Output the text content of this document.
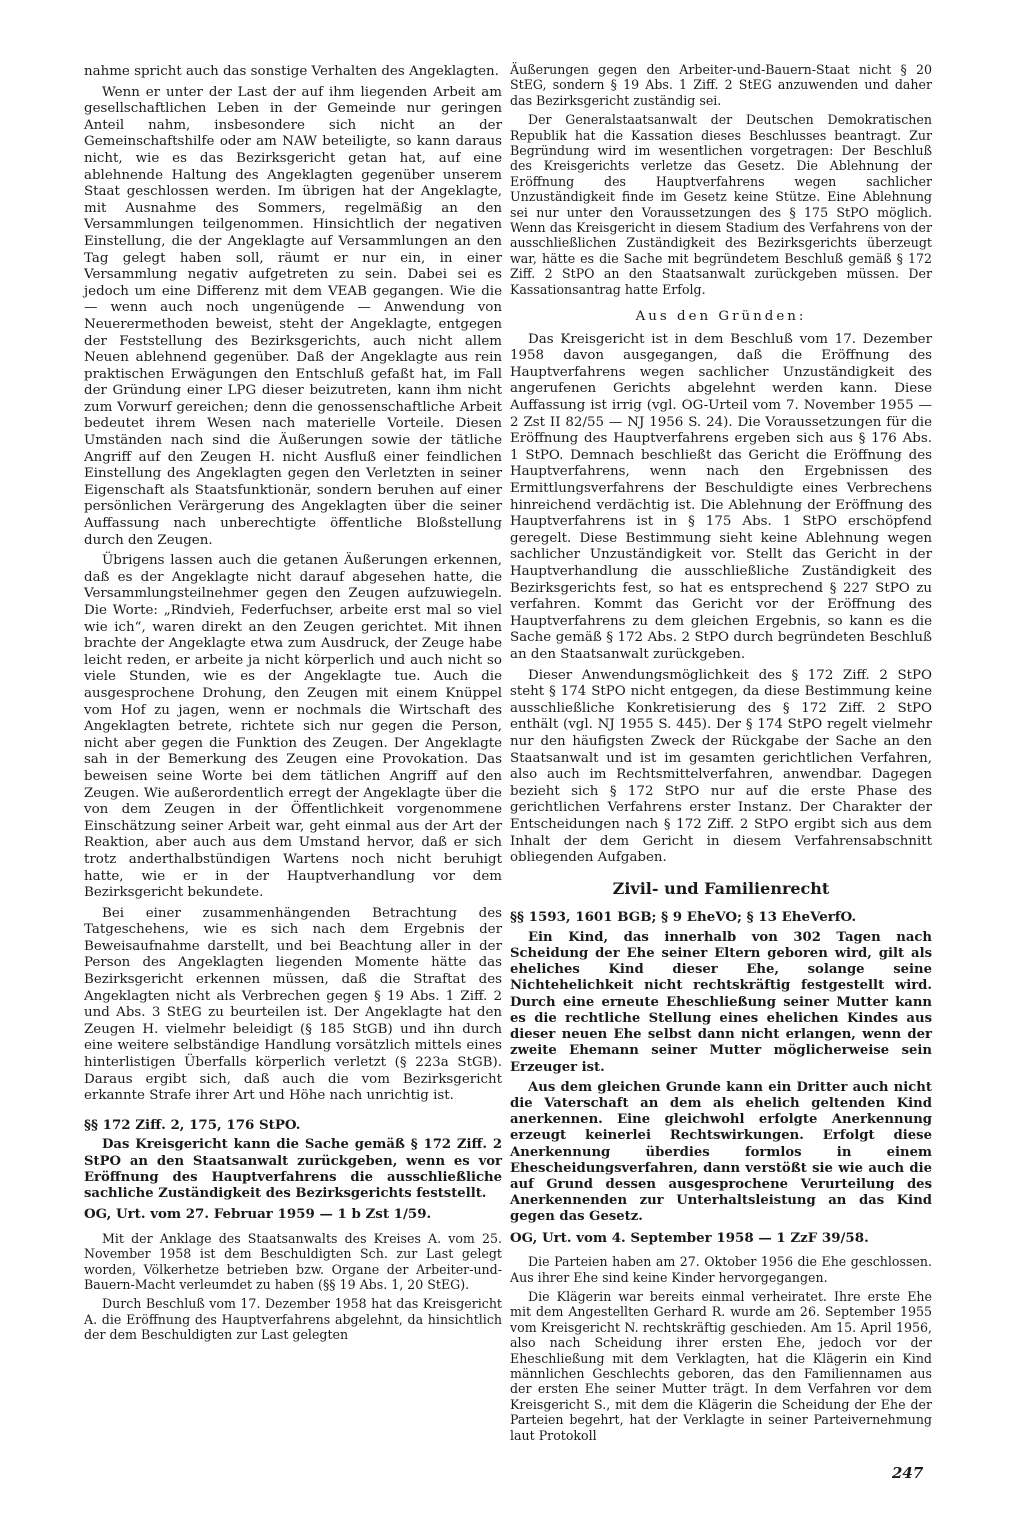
nahme spricht auch das sonstige Verhalten des Angeklagten.

Wenn er unter der Last der auf ihm liegenden Arbeit am gesellschaftlichen Leben in der Gemeinde nur geringen Anteil nahm, insbesondere sich nicht an der Gemeinschaftshilfe oder am NAW beteiligte, so kann daraus nicht, wie es das Bezirksgericht getan hat, auf eine ablehnende Haltung des Angeklagten gegenüber unserem Staat geschlossen werden. Im übrigen hat der Angeklagte, mit Ausnahme des Sommers, regelmäßig an den Versammlungen teilgenommen. Hinsichtlich der negativen Einstellung, die der Angeklagte auf Versammlungen an den Tag gelegt haben soll, räumt er nur ein, in einer Versammlung negativ aufgetreten zu sein. Dabei sei es jedoch um eine Differenz mit dem VEAB gegangen. Wie die — wenn auch noch ungenügende — Anwendung von Neuerermethoden beweist, steht der Angeklagte, entgegen der Feststellung des Bezirksgerichts, auch nicht allem Neuen ablehnend gegenüber. Daß der Angeklagte aus rein praktischen Erwägungen den Entschluß gefaßt hat, im Fall der Gründung einer LPG dieser beizutreten, kann ihm nicht zum Vorwurf gereichen; denn die genossenschaftliche Arbeit bedeutet ihrem Wesen nach materielle Vorteile. Diesen Umständen nach sind die Äußerungen sowie der tätliche Angriff auf den Zeugen H. nicht Ausfluß einer feindlichen Einstellung des Angeklagten gegen den Verletzten in seiner Eigenschaft als Staatsfunktionär, sondern beruhen auf einer persönlichen Verärgerung des Angeklagten über die seiner Auffassung nach unberechtigte öffentliche Bloßstellung durch den Zeugen.

Übrigens lassen auch die getanen Äußerungen erkennen, daß es der Angeklagte nicht darauf abgesehen hatte, die Versammlungsteilnehmer gegen den Zeugen aufzuwiegeln. Die Worte: „Rindvieh, Federfuchser, arbeite erst mal so viel wie ich“, waren direkt an den Zeugen gerichtet. Mit ihnen brachte der Angeklagte etwa zum Ausdruck, der Zeuge habe leicht reden, er arbeite ja nicht körperlich und auch nicht so viele Stunden, wie es der Angeklagte tue. Auch die ausgesprochene Drohung, den Zeugen mit einem Knüppel vom Hof zu jagen, wenn er nochmals die Wirtschaft des Angeklagten betrete, richtete sich nur gegen die Person, nicht aber gegen die Funktion des Zeugen. Der Angeklagte sah in der Bemerkung des Zeugen eine Provokation. Das beweisen seine Worte bei dem tätlichen Angriff auf den Zeugen. Wie außerordentlich erregt der Angeklagte über die von dem Zeugen in der Öffentlichkeit vorgenommene Einschätzung seiner Arbeit war, geht einmal aus der Art der Reaktion, aber auch aus dem Umstand hervor, daß er sich trotz anderthalbstündigen Wartens noch nicht beruhigt hatte, wie er in der Hauptverhandlung vor dem Bezirksgericht bekundete.

Bei einer zusammenhängenden Betrachtung des Tatgeschehens, wie es sich nach dem Ergebnis der Beweisaufnahme darstellt, und bei Beachtung aller in der Person des Angeklagten liegenden Momente hätte das Bezirksgericht erkennen müssen, daß die Straftat des Angeklagten nicht als Verbrechen gegen § 19 Abs. 1 Ziff. 2 und Abs. 3 StEG zu beurteilen ist. Der Angeklagte hat den Zeugen H. vielmehr beleidigt (§ 185 StGB) und ihn durch eine weitere selbständige Handlung vorsätzlich mittels eines hinterlistigen Überfalls körperlich verletzt (§ 223a StGB). Daraus ergibt sich, daß auch die vom Bezirksgericht erkannte Strafe ihrer Art und Höhe nach unrichtig ist.

§§ 172 Ziff. 2, 175, 176 StPO.

Das Kreisgericht kann die Sache gemäß § 172 Ziff. 2 StPO an den Staatsanwalt zurückgeben, wenn es vor Eröffnung des Hauptverfahrens die ausschließliche sachliche Zuständigkeit des Bezirksgerichts feststellt.

OG, Urt. vom 27. Februar 1959 — 1 b Zst 1/59.

Mit der Anklage des Staatsanwalts des Kreises A. vom 25. November 1958 ist dem Beschuldigten Sch. zur Last gelegt worden, Völkerhetze betrieben bzw. Organe der Arbeiter-und-Bauern-Macht verleumdet zu haben (§§ 19 Abs. 1, 20 StEG).

Durch Beschluß vom 17. Dezember 1958 hat das Kreisgericht A. die Eröffnung des Hauptverfahrens abgelehnt, da hinsichtlich der dem Beschuldigten zur Last gelegten

Äußerungen gegen den Arbeiter-und-Bauern-Staat nicht § 20 StEG, sondern § 19 Abs. 1 Ziff. 2 StEG anzuwenden und daher das Bezirksgericht zuständig sei.

Der Generalstaatsanwalt der Deutschen Demokratischen Republik hat die Kassation dieses Beschlusses beantragt. Zur Begründung wird im wesentlichen vorgetragen: Der Beschluß des Kreisgerichts verletze das Gesetz. Die Ablehnung der Eröffnung des Hauptverfahrens wegen sachlicher Unzuständigkeit finde im Gesetz keine Stütze. Eine Ablehnung sei nur unter den Voraussetzungen des § 175 StPO möglich. Wenn das Kreisgericht in diesem Stadium des Verfahrens von der ausschließlichen Zuständigkeit des Bezirksgerichts überzeugt war, hätte es die Sache mit begründetem Beschluß gemäß § 172 Ziff. 2 StPO an den Staatsanwalt zurückgeben müssen. Der Kassationsantrag hatte Erfolg.

Aus den Gründen:

Das Kreisgericht ist in dem Beschluß vom 17. Dezember 1958 davon ausgegangen, daß die Eröffnung des Hauptverfahrens wegen sachlicher Unzuständigkeit des angerufenen Gerichts abgelehnt werden kann. Diese Auffassung ist irrig (vgl. OG-Urteil vom 7. November 1955 — 2 Zst II 82/55 — NJ 1956 S. 24). Die Voraussetzungen für die Eröffnung des Hauptverfahrens ergeben sich aus § 176 Abs. 1 StPO. Demnach beschließt das Gericht die Eröffnung des Hauptverfahrens, wenn nach den Ergebnissen des Ermittlungsverfahrens der Beschuldigte eines Verbrechens hinreichend verdächtig ist. Die Ablehnung der Eröffnung des Hauptverfahrens ist in § 175 Abs. 1 StPO erschöpfend geregelt. Diese Bestimmung sieht keine Ablehnung wegen sachlicher Unzuständigkeit vor. Stellt das Gericht in der Hauptverhandlung die ausschließliche Zuständigkeit des Bezirksgerichts fest, so hat es entsprechend § 227 StPO zu verfahren. Kommt das Gericht vor der Eröffnung des Hauptverfahrens zu dem gleichen Ergebnis, so kann es die Sache gemäß § 172 Abs. 2 StPO durch begründeten Beschluß an den Staatsanwalt zurückgeben.

Dieser Anwendungsmöglichkeit des § 172 Ziff. 2 StPO steht § 174 StPO nicht entgegen, da diese Bestimmung keine ausschließliche Konkretisierung des § 172 Ziff. 2 StPO enthält (vgl. NJ 1955 S. 445). Der § 174 StPO regelt vielmehr nur den häufigsten Zweck der Rückgabe der Sache an den Staatsanwalt und ist im gesamten gerichtlichen Verfahren, also auch im Rechtsmittelverfahren, anwendbar. Dagegen bezieht sich § 172 StPO nur auf die erste Phase des gerichtlichen Verfahrens erster Instanz. Der Charakter der Entscheidungen nach § 172 Ziff. 2 StPO ergibt sich aus dem Inhalt der dem Gericht in diesem Verfahrensabschnitt obliegenden Aufgaben.

Zivil- und Familienrecht

§§ 1593, 1601 BGB; § 9 EheVO; § 13 EheVerfO.

Ein Kind, das innerhalb von 302 Tagen nach Scheidung der Ehe seiner Eltern geboren wird, gilt als eheliches Kind dieser Ehe, solange seine Nichtehelichkeit nicht rechtskräftig festgestellt wird. Durch eine erneute Eheschließung seiner Mutter kann es die rechtliche Stellung eines ehelichen Kindes aus dieser neuen Ehe selbst dann nicht erlangen, wenn der zweite Ehemann seiner Mutter möglicherweise sein Erzeuger ist.

Aus dem gleichen Grunde kann ein Dritter auch nicht die Vaterschaft an dem als ehelich geltenden Kind anerkennen. Eine gleichwohl erfolgte Anerkennung erzeugt keinerlei Rechtswirkungen. Erfolgt diese Anerkennung überdies formlos in einem Ehescheidungsverfahren, dann verstößt sie wie auch die auf Grund dessen ausgesprochene Verurteilung des Anerkennenden zur Unterhaltsleistung an das Kind gegen das Gesetz.

OG, Urt. vom 4. September 1958 — 1 ZzF 39/58.

Die Parteien haben am 27. Oktober 1956 die Ehe geschlossen. Aus ihrer Ehe sind keine Kinder hervorgegangen.

Die Klägerin war bereits einmal verheiratet. Ihre erste Ehe mit dem Angestellten Gerhard R. wurde am 26. September 1955 vom Kreisgericht N. rechtskräftig geschieden. Am 15. April 1956, also nach Scheidung ihrer ersten Ehe, jedoch vor der Eheschließung mit dem Verklagten, hat die Klägerin ein Kind männlichen Geschlechts geboren, das den Familiennamen aus der ersten Ehe seiner Mutter trägt. In dem Verfahren vor dem Kreisgericht S., mit dem die Klägerin die Scheidung der Ehe der Parteien begehrt, hat der Verklagte in seiner Parteivernehmung laut Protokoll

247
